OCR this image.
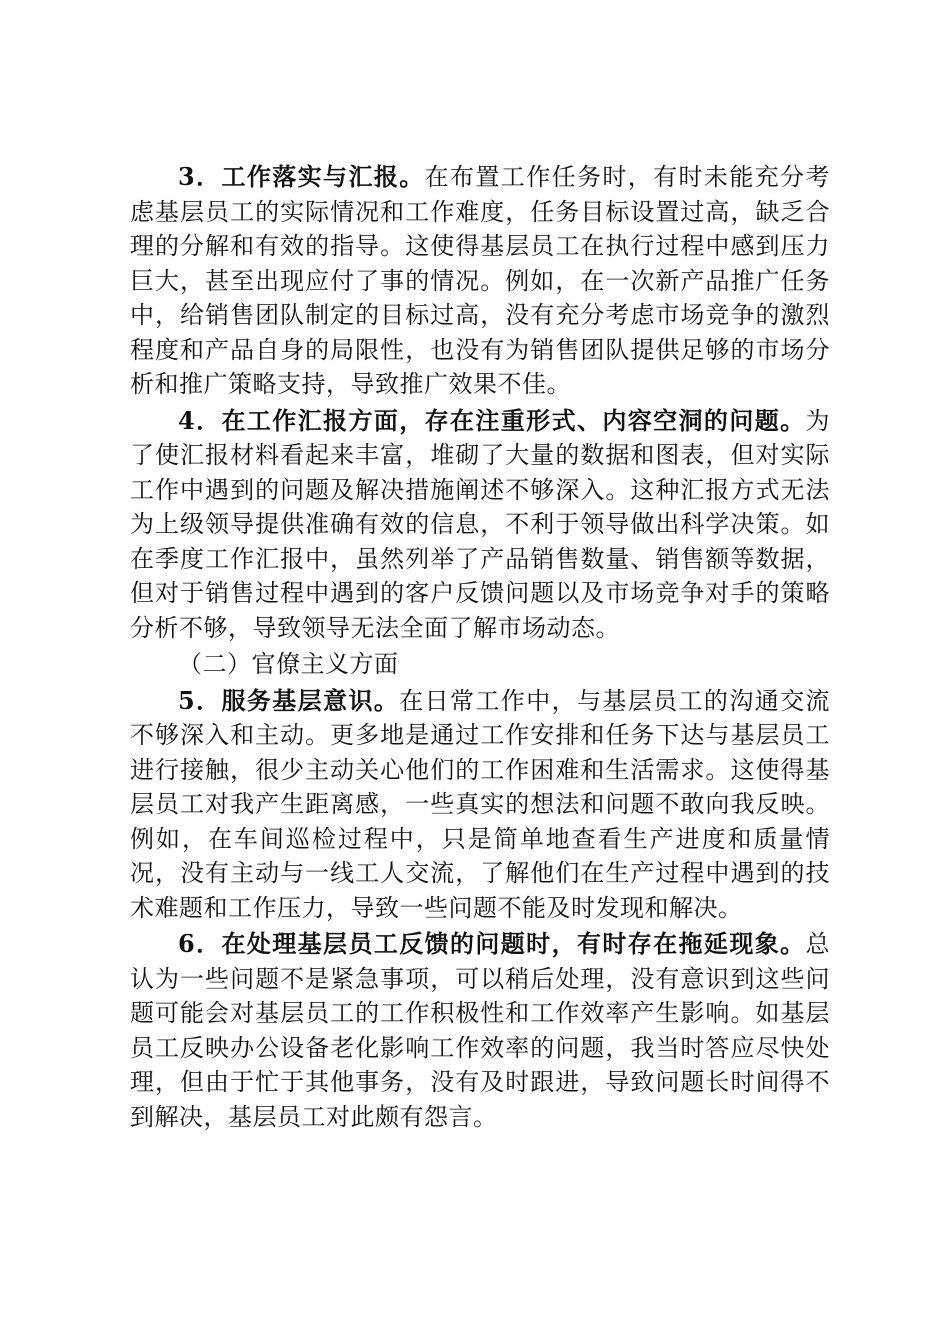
3．工作落实与汇报。在布置工作任务时，有时未能充分考虑基层员工的实际情况和工作难度，任务目标设置过高，缺乏合理的分解和有效的指导。这使得基层员工在执行过程中感到压力巨大，甚至出现应付了事的情况。例如，在一次新产品推广任务中，给销售团队制定的目标过高，没有充分考虑市场竞争的激烈程度和产品自身的局限性，也没有为销售团队提供足够的市场分析和推广策略支持，导致推广效果不佳。

4．在工作汇报方面，存在注重形式、内容空洞的问题。为了使汇报材料看起来丰富，堆砌了大量的数据和图表，但对实际工作中遇到的问题及解决措施阐述不够深入。这种汇报方式无法为上级领导提供准确有效的信息，不利于领导做出科学决策。如在季度工作汇报中，虽然列举了产品销售数量、销售额等数据，但对于销售过程中遇到的客户反馈问题以及市场竞争对手的策略分析不够，导致领导无法全面了解市场动态。

（二）官僚主义方面

5．服务基层意识。在日常工作中，与基层员工的沟通交流不够深入和主动。更多地是通过工作安排和任务下达与基层员工进行接触，很少主动关心他们的工作困难和生活需求。这使得基层员工对我产生距离感，一些真实的想法和问题不敢向我反映。例如，在车间巡检过程中，只是简单地查看生产进度和质量情况，没有主动与一线工人交流，了解他们在生产过程中遇到的技术难题和工作压力，导致一些问题不能及时发现和解决。

6．在处理基层员工反馈的问题时，有时存在拖延现象。总认为一些问题不是紧急事项，可以稍后处理，没有意识到这些问题可能会对基层员工的工作积极性和工作效率产生影响。如基层员工反映办公设备老化影响工作效率的问题，我当时答应尽快处理，但由于忙于其他事务，没有及时跟进，导致问题长时间得不到解决，基层员工对此颇有怨言。
